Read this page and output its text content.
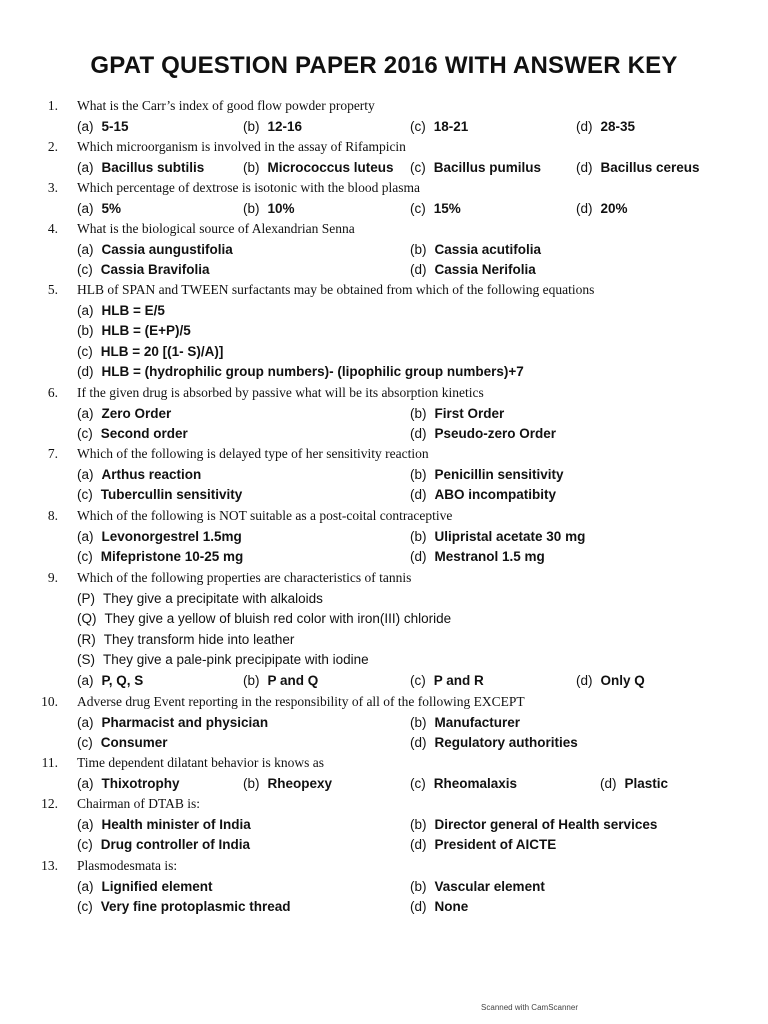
GPAT QUESTION PAPER 2016 WITH ANSWER KEY
1. What is the Carr’s index of good flow powder property
(a) 5-15	(b) 12-16	(c) 18-21	(d) 28-35
2. Which microorganism is involved in the assay of Rifampicin
(a) Bacillus subtilis	(b) Micrococcus luteus (c) Bacillus pumilus	(d) Bacillus cereus
3. Which percentage of dextrose is isotonic with the blood plasma
(a) 5%	(b) 10%	(c) 15%	(d) 20%
4. What is the biological source of Alexandrian Senna
(a) Cassia aungustifolia	(b) Cassia acutifolia
(c) Cassia Bravifolia	(d) Cassia Nerifolia
5. HLB of SPAN and TWEEN surfactants may be obtained from which of the following equations
(a) HLB = E/5
(b) HLB = (E+P)/5
(c) HLB = 20 [(1- S)/A)]
(d) HLB = (hydrophilic group numbers)- (lipophilic group numbers)+7
6. If the given drug is absorbed by passive what will be its absorption kinetics
(a) Zero Order	(b) First Order
(c) Second order	(d) Pseudo-zero Order
7. Which of the following is delayed type of her sensitivity reaction
(a) Arthus reaction	(b) Penicillin sensitivity
(c) Tubercullin sensitivity	(d) ABO incompatibity
8. Which of the following is NOT suitable as a post-coital contraceptive
(a) Levonorgestrel 1.5mg	(b) Ulipristal acetate 30 mg
(c) Mifepristone 10-25 mg	(d) Mestranol 1.5 mg
9. Which of the following properties are characteristics of tannis
(P) They give a precipitate with alkaloids
(Q) They give a yellow of bluish red color with iron(III) chloride
(R) They transform hide into leather
(S) They give a pale-pink precipipate with iodine
(a) P, Q, S	(b) P and Q	(c) P and R	(d) Only Q
10. Adverse drug Event reporting in the responsibility of all of the following EXCEPT
(a) Pharmacist and physician	(b) Manufacturer
(c) Consumer	(d) Regulatory authorities
11. Time dependent dilatant behavior is knows as
(a) Thixotrophy	(b) Rheopexy	(c) Rheomalaxis	(d) Plastic
12. Chairman of DTAB is:
(a) Health minister of India	(b) Director general of Health services
(c) Drug controller of India	(d) President of AICTE
13. Plasmodesmata is:
(a) Lignified element	(b) Vascular element
(c) Very fine protoplasmic thread	(d) None
Scanned with CamScanner
